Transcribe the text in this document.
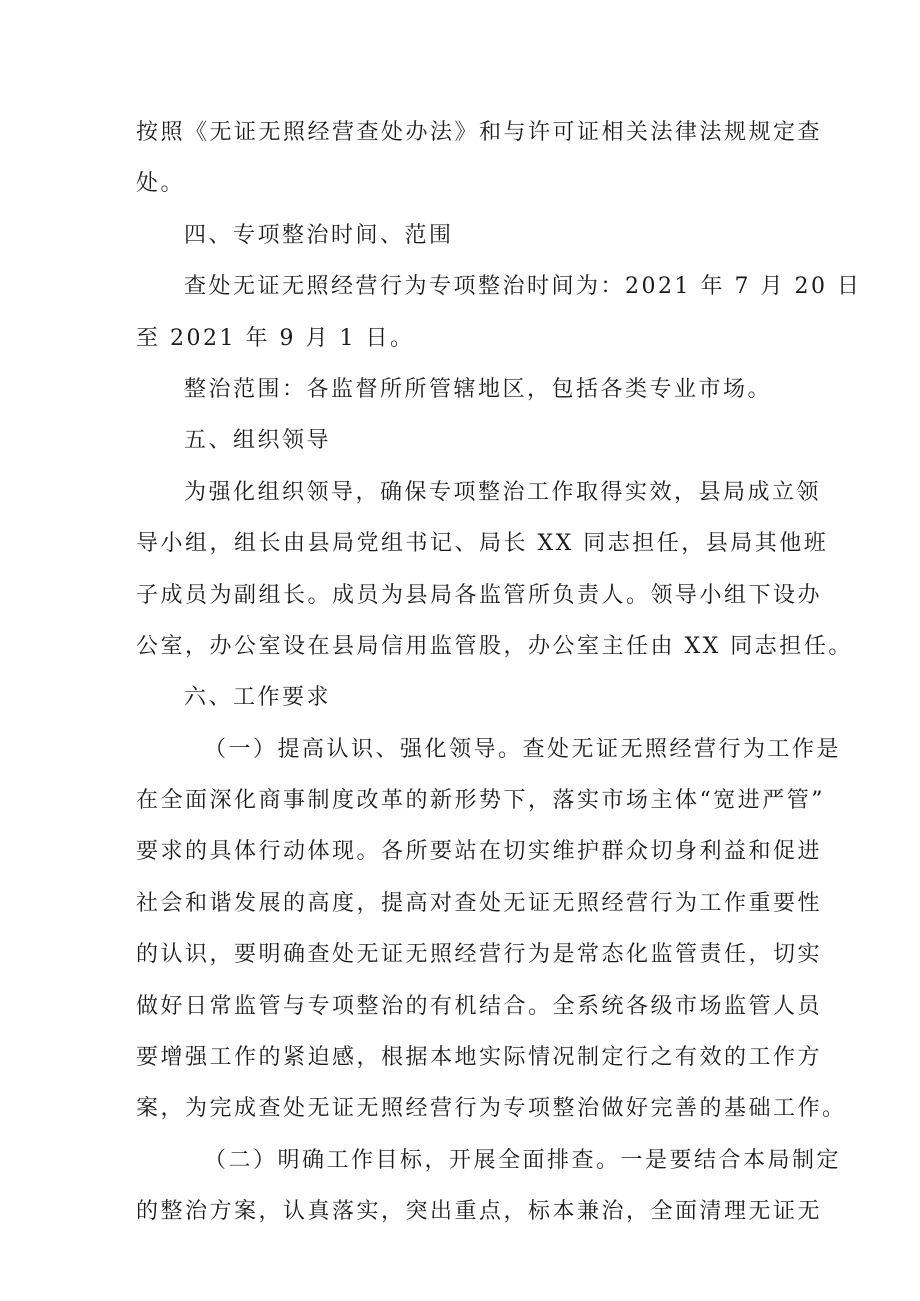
按照《无证无照经营查处办法》和与许可证相关法律法规规定查
处。
四、专项整治时间、范围
查处无证无照经营行为专项整治时间为：2021 年 7 月 20 日
至 2021 年 9 月 1 日。
整治范围：各监督所所管辖地区，包括各类专业市场。
五、组织领导
为强化组织领导，确保专项整治工作取得实效，县局成立领
导小组，组长由县局党组书记、局长 XX 同志担任，县局其他班
子成员为副组长。成员为县局各监管所负责人。领导小组下设办
公室，办公室设在县局信用监管股，办公室主任由 XX 同志担任。
六、工作要求
（一）提高认识、强化领导。查处无证无照经营行为工作是
在全面深化商事制度改革的新形势下，落实市场主体“宽进严管”
要求的具体行动体现。各所要站在切实维护群众切身利益和促进
社会和谐发展的高度，提高对查处无证无照经营行为工作重要性
的认识，要明确查处无证无照经营行为是常态化监管责任，切实
做好日常监管与专项整治的有机结合。全系统各级市场监管人员
要增强工作的紧迫感，根据本地实际情况制定行之有效的工作方
案，为完成查处无证无照经营行为专项整治做好完善的基础工作。
（二）明确工作目标，开展全面排查。一是要结合本局制定
的整治方案，认真落实，突出重点，标本兼治，全面清理无证无
